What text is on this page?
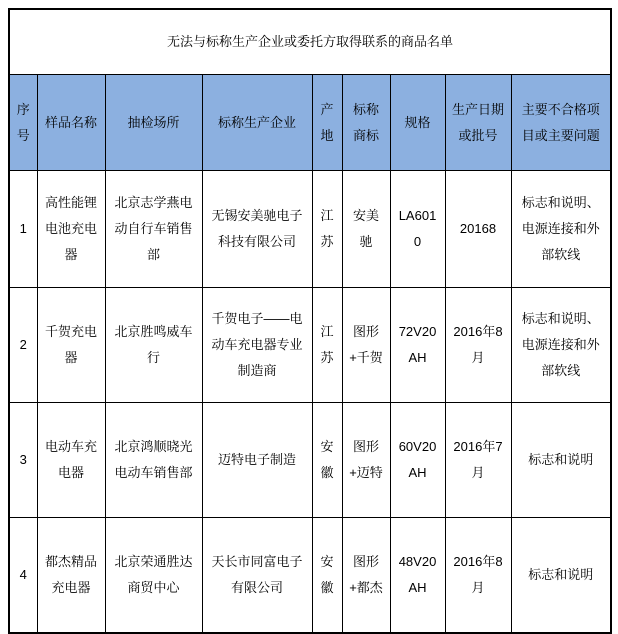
无法与标称生产企业或委托方取得联系的商品名单								
序号	样品名称	抽检场所	标称生产企业	产地	标称商标	规格	生产日期或批号	主要不合格项目或主要问题
1	高性能锂电池充电器	北京志学燕电动自行车销售部	无锡安美驰电子科技有限公司	江苏	安美驰	LA6010	20168	标志和说明、电源连接和外部软线
2	千贺充电器	北京胜鸣威车行	千贺电子——电动车充电器专业制造商	江苏	图形+千贺	72V20AH	2016年8月	标志和说明、电源连接和外部软线
3	电动车充电器	北京鸿顺晓光电动车销售部	迈特电子制造	安徽	图形+迈特	60V20AH	2016年7月	标志和说明
4	都杰精品充电器	北京荣通胜达商贸中心	天长市同富电子有限公司	安徽	图形+都杰	48V20AH	2016年8月	标志和说明
